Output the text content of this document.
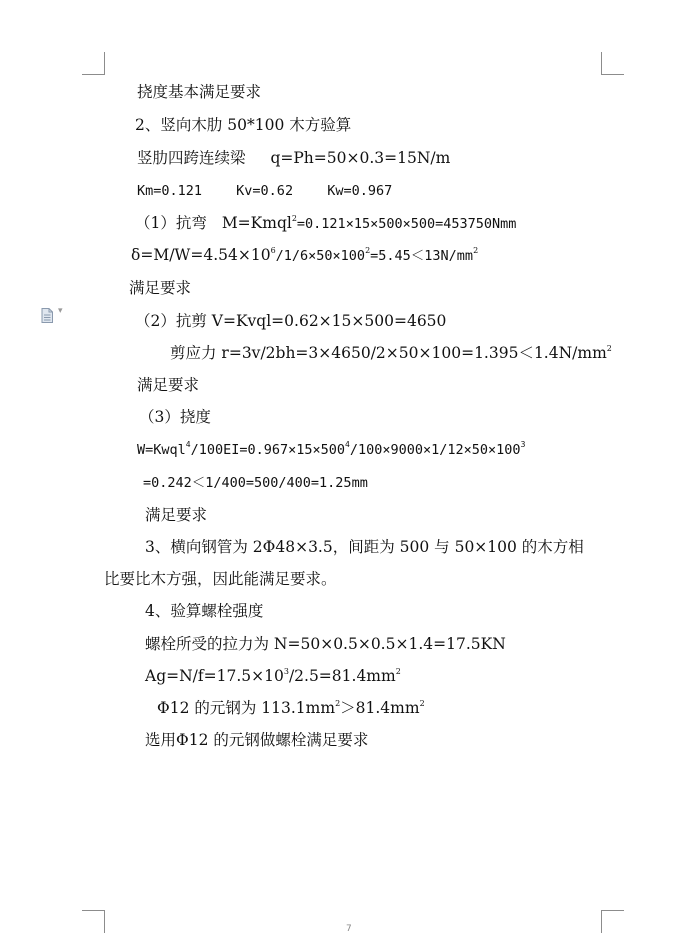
▾
挠度基本满足要求
2、竖向木肋 50*100 木方验算
竖肋四跨连续梁 q=Ph=50×0.3=15N/m
Km=0.121	Kv=0.62	Kw=0.967
（1）抗弯 M=Kmql$^2$=0.121×15×500×500=453750Nmm
$\delta=M/W=4.54\times 10^6/1/6\times 50\times 100^2=5.45<13N/mm^2$
满足要求
（2）抗剪 V=Kvql=0.62×15×500=4650
剪应力 $r=3v/2bh=3\times 4650/2\times 50\times 100=1.395<1.4N/mm^2$
满足要求
（3）挠度
$W=Kwql^4/100EI=0.967\times 15\times 500^4/100\times 9000\times 1/12\times 50\times 100^3$
=0.242＜1/400=500/400=1.25mm
满足要求
3、横向钢管为 2Φ48×3.5，间距为 500 与 50×100 的木方相
比要比木方强，因此能满足要求。
4、验算螺栓强度
螺栓所受的拉力为 N=50×0.5×0.5×1.4=17.5KN
$Ag=N/f=17.5\times 10^3/2.5=81.4mm^2$
Φ12 的元钢为 $113.1mm^2>81.4mm^2$
选用Φ12 的元钢做螺栓满足要求
7
